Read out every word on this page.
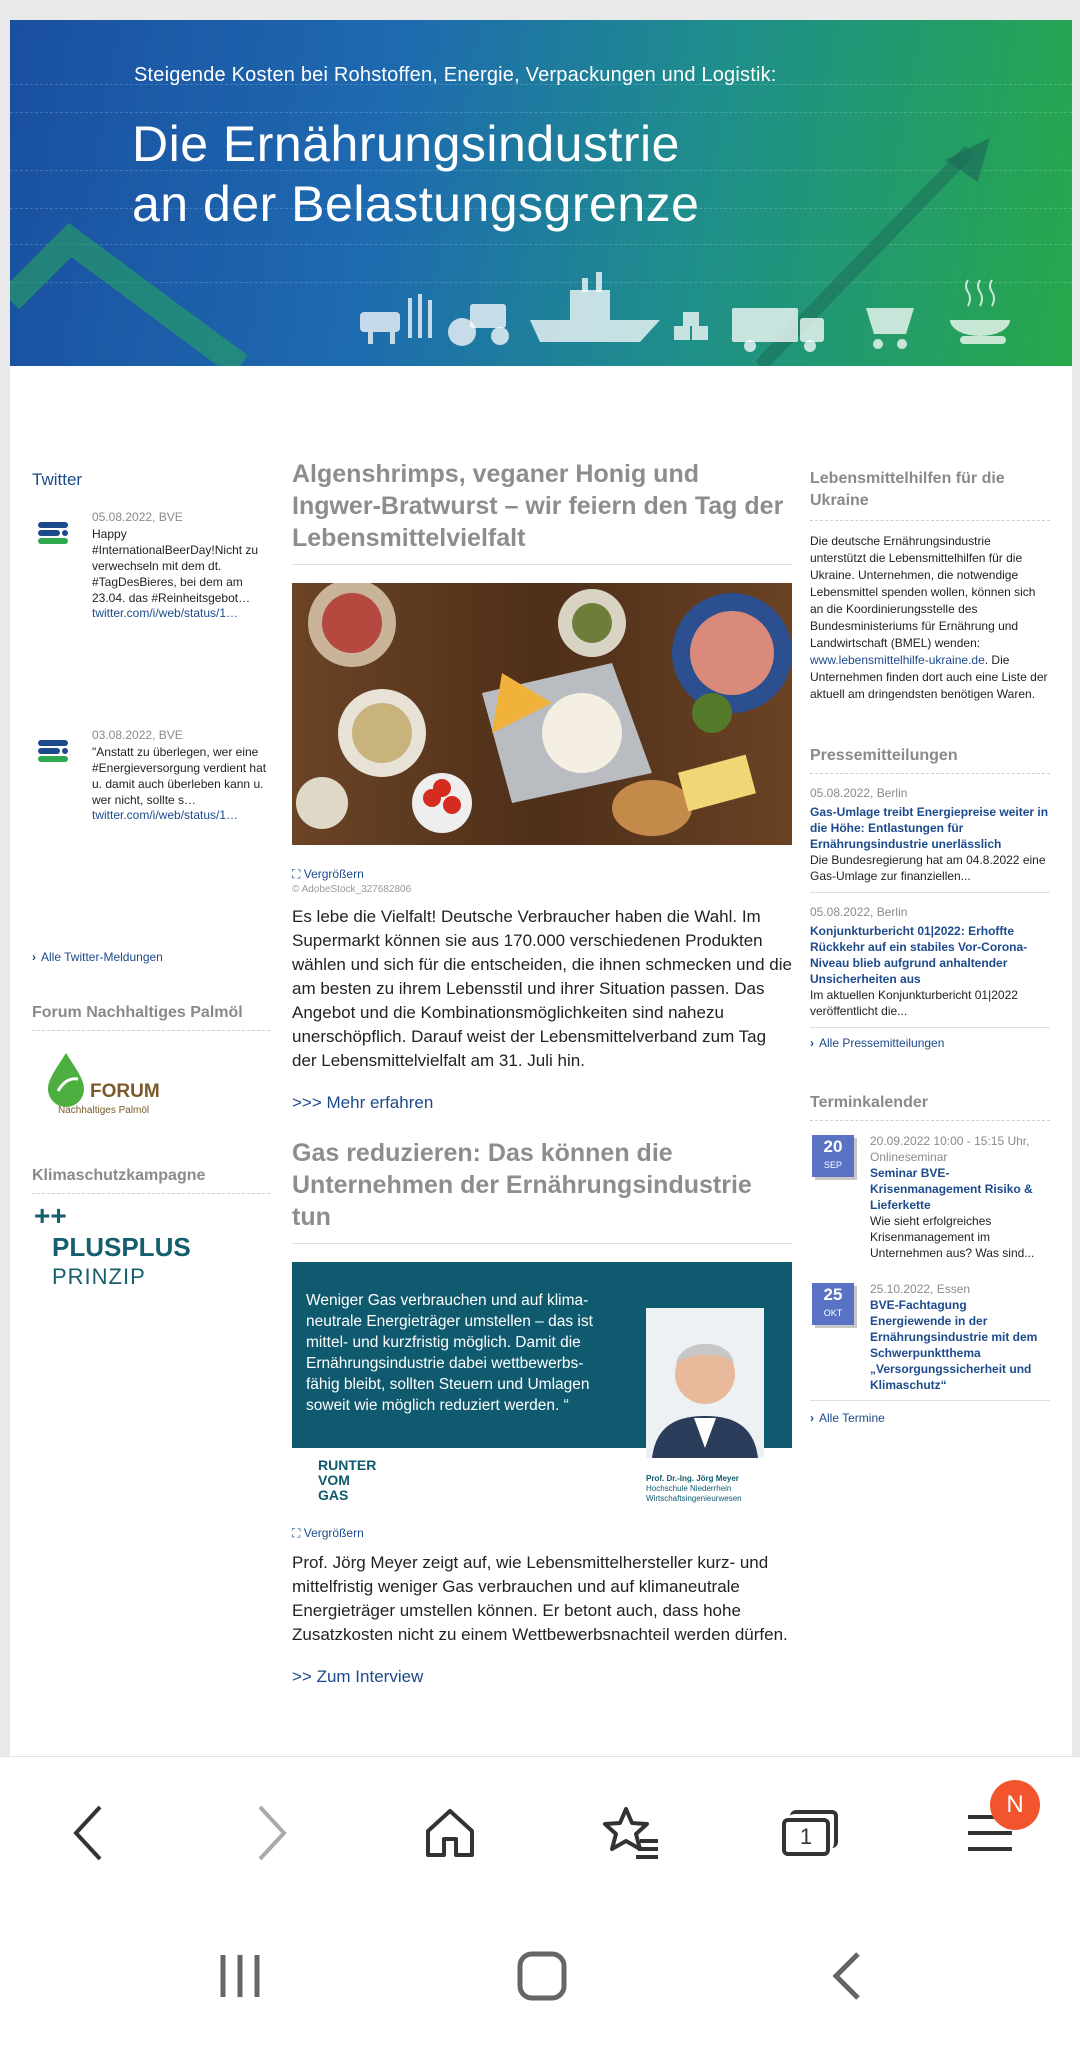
Steigende Kosten bei Rohstoffen, Energie, Verpackungen und Logistik:
Die Ernährungsindustrie
an der Belastungsgrenze
Twitter
05.08.2022, BVE
Happy #InternationalBeerDay!Nicht zu verwechseln mit dem dt. #TagDesBieres, bei dem am 23.04. das #Reinheitsgebot…
twitter.com/i/web/status/1…
03.08.2022, BVE
"Anstatt zu überlegen, wer eine #Energieversorgung verdient hat u. damit auch überleben kann u. wer nicht, sollte s…
twitter.com/i/web/status/1…
› Alle Twitter-Meldungen
Forum Nachhaltiges Palmöl
FORUM
Nachhaltiges Palmöl
Klimaschutzkampagne
++
PLUSPLUS
PRINZIP
Algenshrimps, veganer Honig und Ingwer-Bratwurst – wir feiern den Tag der Lebensmittelvielfalt
⛶ Vergrößern
© AdobeStock_327682806
Es lebe die Vielfalt! Deutsche Verbraucher haben die Wahl. Im Supermarkt können sie aus 170.000 verschiedenen Produkten wählen und sich für die entscheiden, die ihnen schmecken und die am besten zu ihrem Lebensstil und ihrer Situation passen. Das Angebot und die Kombinationsmöglichkeiten sind nahezu unerschöpflich. Darauf weist der Lebensmittelverband zum Tag der Lebensmittelvielfalt am 31. Juli hin.
>>> Mehr erfahren
Gas reduzieren: Das können die Unternehmen der Ernährungsindustrie tun
Weniger Gas verbrauchen und auf klima-
neutrale Energieträger umstellen – das ist
mittel- und kurzfristig möglich. Damit die
Ernährungsindustrie dabei wettbewerbs-
fähig bleibt, sollten Steuern und Umlagen
soweit wie möglich reduziert werden. “
RUNTER
VOM
GAS
Prof. Dr.-Ing. Jörg Meyer
Hochschule Niederrhein
Wirtschaftsingenieurwesen
⛶ Vergrößern
Prof. Jörg Meyer zeigt auf, wie Lebensmittelhersteller kurz- und mittelfristig weniger Gas verbrauchen und auf klimaneutrale Energieträger umstellen können. Er betont auch, dass hohe Zusatzkosten nicht zu einem Wettbewerbsnachteil werden dürfen.
>> Zum Interview
Lebensmittelhilfen für die Ukraine
Die deutsche Ernährungsindustrie unterstützt die Lebensmittelhilfen für die Ukraine. Unternehmen, die notwendige Lebensmittel spenden wollen, können sich an die Koordinierungsstelle des Bundesministeriums für Ernährung und Landwirtschaft (BMEL) wenden: www.lebensmittelhilfe-ukraine.de. Die Unternehmen finden dort auch eine Liste der aktuell am dringendsten benötigen Waren.
Pressemitteilungen
05.08.2022, Berlin
Gas-Umlage treibt Energiepreise weiter in die Höhe: Entlastungen für Ernährungsindustrie unerlässlich
Die Bundesregierung hat am 04.8.2022 eine Gas-Umlage zur finanziellen...
05.08.2022, Berlin
Konjunkturbericht 01|2022: Erhoffte Rückkehr auf ein stabiles Vor-Corona-Niveau blieb aufgrund anhaltender Unsicherheiten aus
Im aktuellen Konjunkturbericht 01|2022 veröffentlicht die...
› Alle Pressemitteilungen
Terminkalender
20
SEP
20.09.2022 10:00 - 15:15 Uhr, Onlineseminar
Seminar BVE-Krisenmanagement Risiko & Lieferkette
Wie sieht erfolgreiches Krisenmanagement im Unternehmen aus? Was sind...
25
OKT
25.10.2022, Essen
BVE-Fachtagung Energiewende in der Ernährungsindustrie mit dem Schwerpunktthema „Versorgungssicherheit und Klimaschutz“
› Alle Termine
1
N
